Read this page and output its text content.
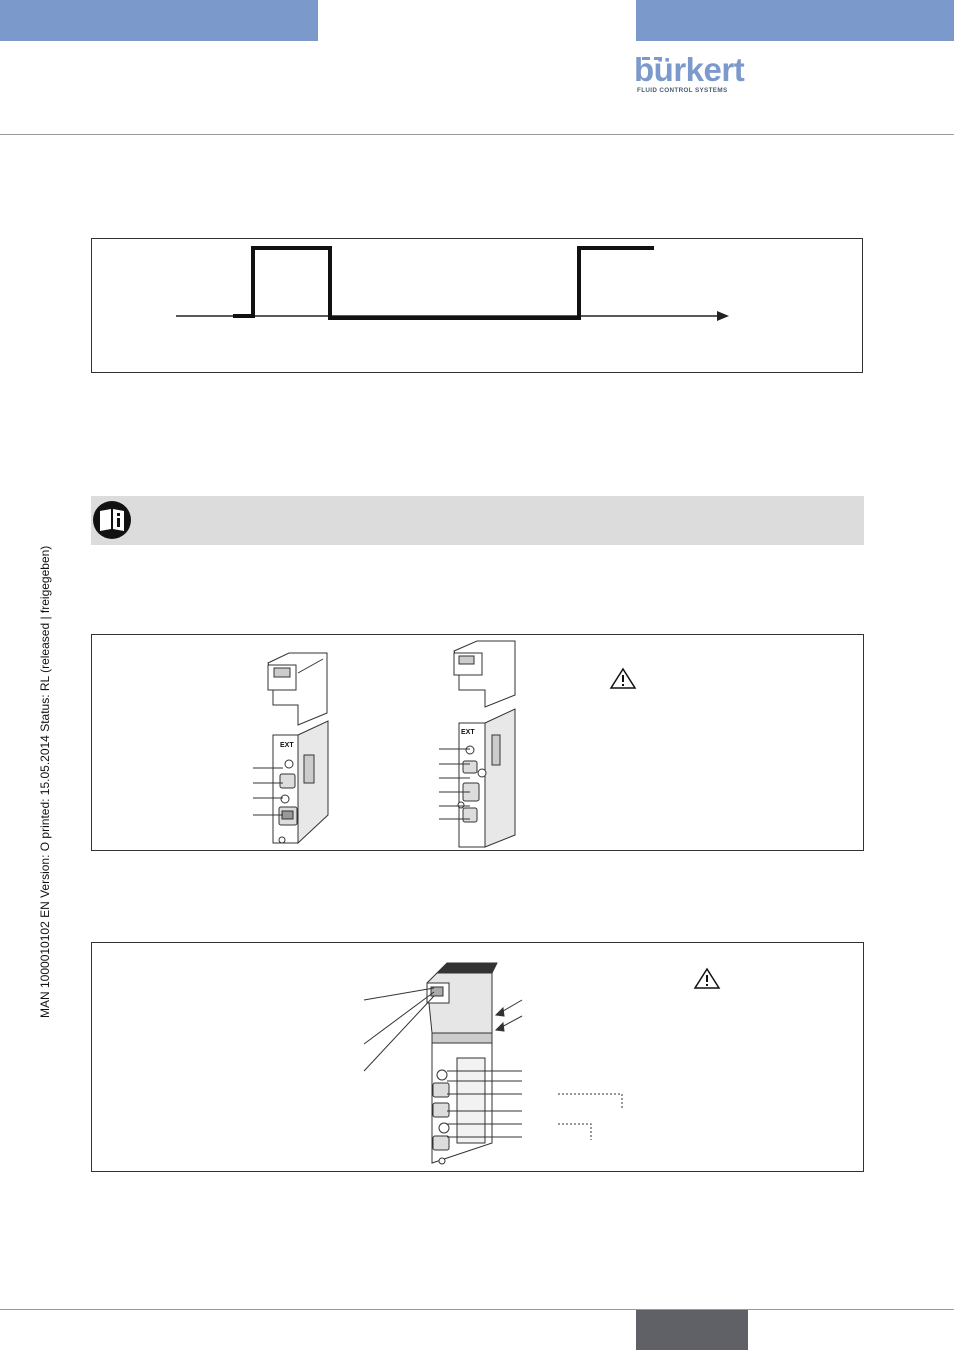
bürkert
FLUID CONTROL SYSTEMS
MAN 1000010102 EN Version: O printed: 15.05.2014 Status: RL (released | freigegeben)	EXT
EXT
